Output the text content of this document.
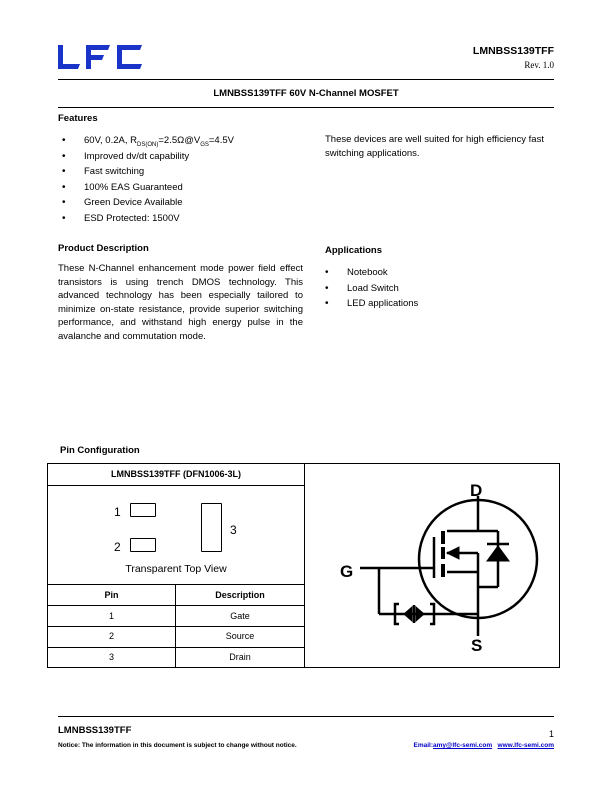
LMNBSS139TFF
Rev. 1.0
LMNBSS139TFF 60V N-Channel MOSFET
Features
• 60V, 0.2A, $R_{DS(ON)}=2.5\Omega@V_{GS}=4.5V$
• Improved dv/dt capability
• Fast switching
• 100% EAS Guaranteed
• Green Device Available
• ESD Protected: 1500V
These devices are well suited for high efficiency fast switching applications.
Product Description
These N-Channel enhancement mode power field effect transistors is using trench DMOS technology. This advanced technology has been especially tailored to minimize on-state resistance, provide superior switching performance, and withstand high energy pulse in the avalanche and commutation mode.
Applications
• Notebook
• Load Switch
• LED applications
Pin Configuration
LMNBSS139TFF (DFN1006-3L)
1
2
3
Transparent Top View
Pin	Description
1	Gate
2	Source
3	Drain
D
G
S
LMNBSS139TFF	1
Notice: The information in this document is subject to change without notice.	Email:amy@lfc-semi.com www.lfc-semi.com
